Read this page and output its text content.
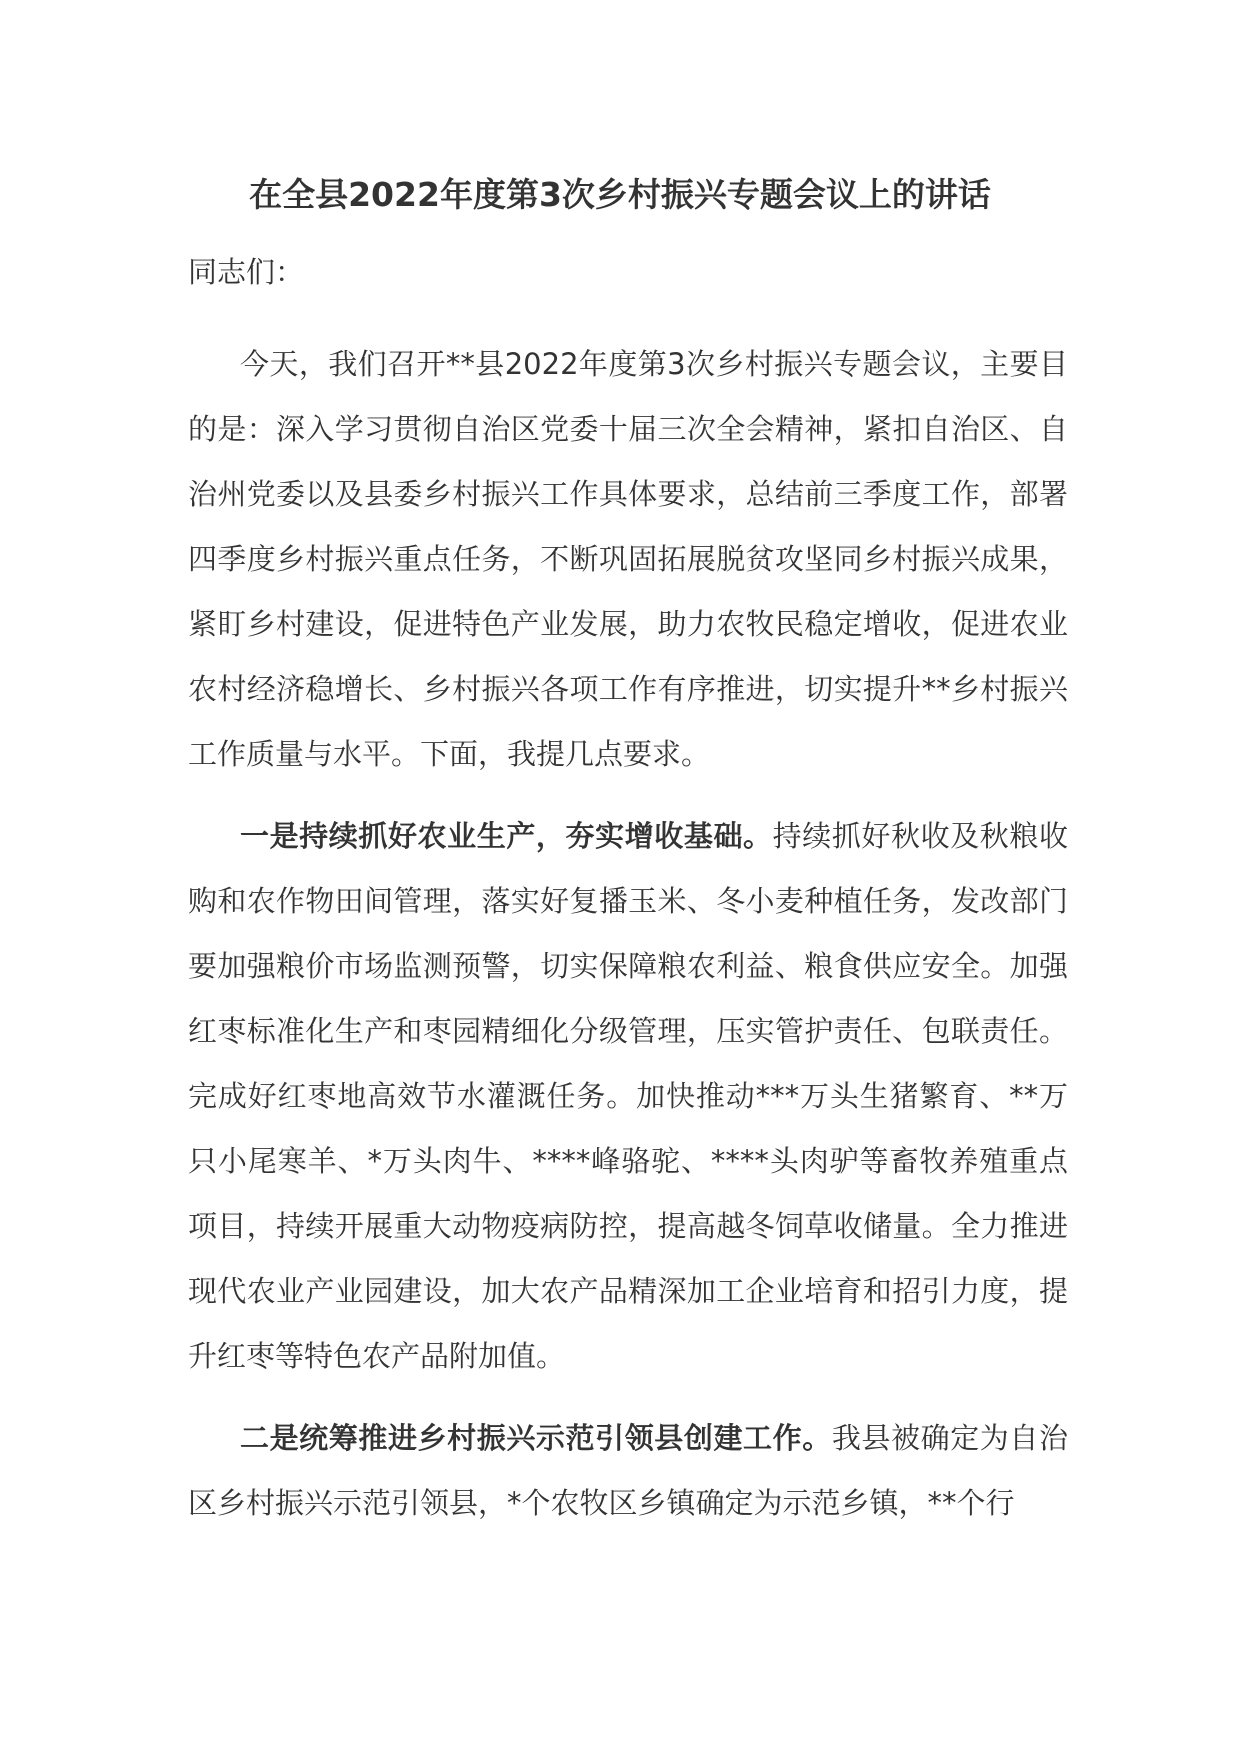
在全县2022年度第3次乡村振兴专题会议上的讲话

同志们：

今天，我们召开**县2022年度第3次乡村振兴专题会议，主要目的是：深入学习贯彻自治区党委十届三次全会精神，紧扣自治区、自治州党委以及县委乡村振兴工作具体要求，总结前三季度工作，部署四季度乡村振兴重点任务，不断巩固拓展脱贫攻坚同乡村振兴成果，紧盯乡村建设，促进特色产业发展，助力农牧民稳定增收，促进农业农村经济稳增长、乡村振兴各项工作有序推进，切实提升**乡村振兴工作质量与水平。下面，我提几点要求。

一是持续抓好农业生产，夯实增收基础。持续抓好秋收及秋粮收购和农作物田间管理，落实好复播玉米、冬小麦种植任务，发改部门要加强粮价市场监测预警，切实保障粮农利益、粮食供应安全。加强红枣标准化生产和枣园精细化分级管理，压实管护责任、包联责任。完成好红枣地高效节水灌溉任务。加快推动***万头生猪繁育、**万只小尾寒羊、*万头肉牛、****峰骆驼、****头肉驴等畜牧养殖重点项目，持续开展重大动物疫病防控，提高越冬饲草收储量。全力推进现代农业产业园建设，加大农产品精深加工企业培育和招引力度，提升红枣等特色农产品附加值。

二是统筹推进乡村振兴示范引领县创建工作。我县被确定为自治区乡村振兴示范引领县，*个农牧区乡镇确定为示范乡镇，**个行
